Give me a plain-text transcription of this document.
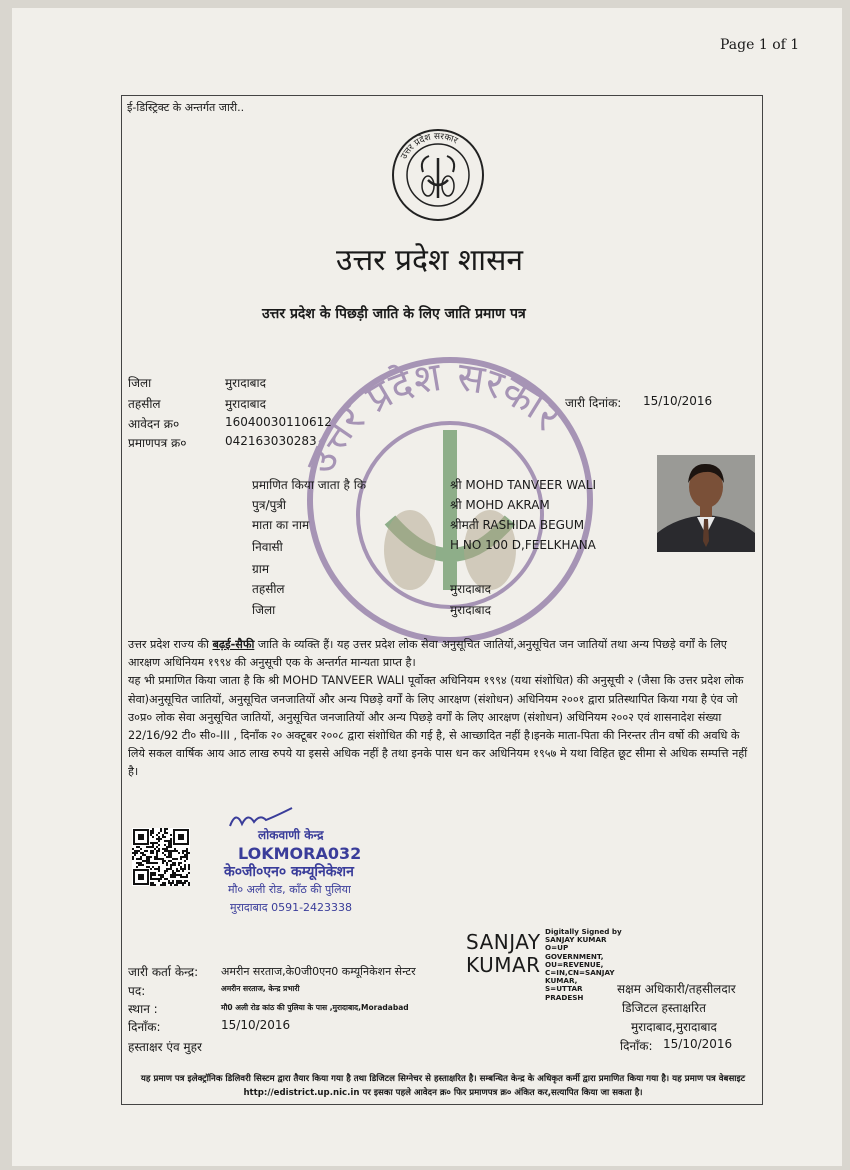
Page 1 of 1
ई-डिस्ट्रिक्ट के अन्तर्गत जारी..
उत्तर प्रदेश सरकार
उत्तर प्रदेश शासन
उत्तर प्रदेश के पिछड़ी जाति के लिए जाति प्रमाण पत्र
उत्तर प्रदेश सरकार
जिला	मुरादाबाद
तहसील	मुरादाबाद
आवेदन क्र०	16040030110612
प्रमाणपत्र क्र०	042163030283
जारी दिनांक: 15/10/2016
प्रमाणित किया जाता है कि	श्री MOHD TANVEER WALI
पुत्र/पुत्री	श्री MOHD AKRAM
माता का नाम	श्रीमती RASHIDA BEGUM
निवासी	H NO 100 D,FEELKHANA
ग्राम
तहसील	मुरादाबाद
जिला	मुरादाबाद

उत्तर प्रदेश राज्य की बढ़ई-सैफी जाति के व्यक्ति हैं। यह उत्तर प्रदेश लोक सेवा अनुसूचित जातियों,अनुसूचित जन जातियों तथा अन्य पिछड़े वर्गों के लिए आरक्षण अधिनियम १९९४ की अनुसूची एक के अन्तर्गत मान्यता प्राप्त है।

यह भी प्रमाणित किया जाता है कि श्री MOHD TANVEER WALI पूर्वोक्त अधिनियम १९९४ (यथा संशोधित) की अनुसूची २ (जैसा कि उत्तर प्रदेश लोक सेवा)अनुसूचित जातियों, अनुसूचित जनजातियों और अन्य पिछड़े वर्गों के लिए आरक्षण (संशोधन) अधिनियम २००१ द्वारा प्रतिस्थापित किया गया है एंव जो उ०प्र० लोक सेवा अनुसूचित जातियों, अनुसूचित जनजातियों और अन्य पिछड़े वर्गों के लिए आरक्षण (संशोधन) अधिनियम २००२ एवं शासनादेश संख्या 22/16/92 टी० सी०-III , दिनाँक २० अक्टूबर २००८ द्वारा संशोधित की गई है, से आच्छादित नहीं है।इनके माता-पिता की निरन्तर तीन वर्षो की अवधि के लिये सकल वार्षिक आय आठ लाख रुपये या इससे अधिक नहीं है तथा इनके पास धन कर अधिनियम १९५७ मे यथा विहित छूट सीमा से अधिक सम्पत्ति नहीं है।

लोकवाणी केन्द्र
LOKMORA032
के०जी०एन० कम्यूनिकेशन
मौ० अली रोड, काँठ की पुलिया
मुरादाबाद 0591-2423338
SANJAY
KUMAR
Digitally Signed by
SANJAY KUMAR
O=UP
GOVERNMENT,
OU=REVENUE,
C=IN,CN=SANJAY
KUMAR,
S=UTTAR
PRADESH
जारी कर्ता केन्द्र: अमरीन सरताज,के0जी0एन0 कम्यूनिकेशन सेन्टर
पद:	अमरीन सरताज, केन्द्र प्रभारी
स्थान :	मौ0 अली रोड कांठ की पुलिया के पास ,मुरादाबाद,Moradabad
दिनाँक:	15/10/2016
हस्ताक्षर एंव मुहर
सक्षम अधिकारी/तहसीलदार
डिजिटल हस्ताक्षरित
मुरादाबाद,मुरादाबाद
दिनाँक: 15/10/2016
यह प्रमाण पत्र इलेक्ट्रॉनिक डिलिवरी सिस्टम द्वारा तैयार किया गया है तथा डिजिटल सिग्नेचर से हस्ताक्षरित है। सम्बन्धित केन्द्र के अधिकृत कर्मी द्वारा प्रमाणित किया गया है। यह प्रमाण पत्र वेबसाइट http://edistrict.up.nic.in पर इसका पहले आवेदन क्र० फिर प्रमाणपत्र क्र० अंकित कर,सत्यापित किया जा सकता है।
